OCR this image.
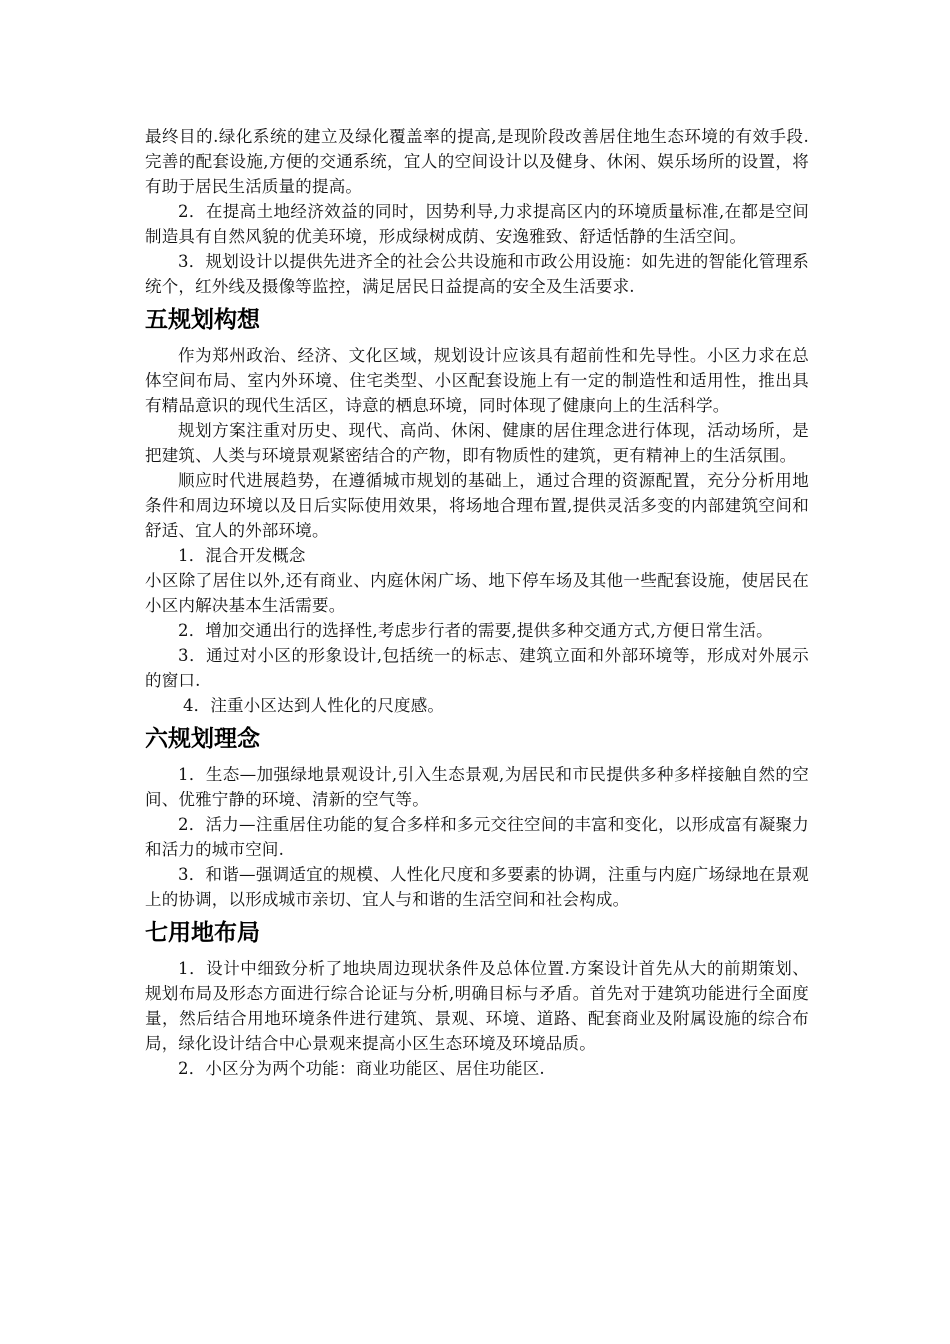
最终目的.绿化系统的建立及绿化覆盖率的提高,是现阶段改善居住地生态环境的有效手段.完善的配套设施,方便的交通系统，宜人的空间设计以及健身、休闲、娱乐场所的设置，将有助于居民生活质量的提高。

2．在提高土地经济效益的同时，因势利导,力求提高区内的环境质量标准,在都是空间制造具有自然风貌的优美环境，形成绿树成荫、安逸雅致、舒适恬静的生活空间。

3．规划设计以提供先进齐全的社会公共设施和市政公用设施：如先进的智能化管理系统个，红外线及摄像等监控，满足居民日益提高的安全及生活要求.

五规划构想

作为郑州政治、经济、文化区域，规划设计应该具有超前性和先导性。小区力求在总体空间布局、室内外环境、住宅类型、小区配套设施上有一定的制造性和适用性，推出具有精品意识的现代生活区，诗意的栖息环境，同时体现了健康向上的生活科学。

规划方案注重对历史、现代、高尚、休闲、健康的居住理念进行体现，活动场所，是把建筑、人类与环境景观紧密结合的产物，即有物质性的建筑，更有精神上的生活氛围。

顺应时代进展趋势，在遵循城市规划的基础上，通过合理的资源配置，充分分析用地条件和周边环境以及日后实际使用效果，将场地合理布置,提供灵活多变的内部建筑空间和舒适、宜人的外部环境。

1．混合开发概念

小区除了居住以外,还有商业、内庭休闲广场、地下停车场及其他一些配套设施，使居民在小区内解决基本生活需要。

2．增加交通出行的选择性,考虑步行者的需要,提供多种交通方式,方便日常生活。

3．通过对小区的形象设计,包括统一的标志、建筑立面和外部环境等，形成对外展示的窗口.

4．注重小区达到人性化的尺度感。

六规划理念

1．生态—加强绿地景观设计,引入生态景观,为居民和市民提供多种多样接触自然的空间、优雅宁静的环境、清新的空气等。

2．活力—注重居住功能的复合多样和多元交往空间的丰富和变化，以形成富有凝聚力和活力的城市空间.

3．和谐—强调适宜的规模、人性化尺度和多要素的协调，注重与内庭广场绿地在景观上的协调，以形成城市亲切、宜人与和谐的生活空间和社会构成。

七用地布局

1．设计中细致分析了地块周边现状条件及总体位置.方案设计首先从大的前期策划、规划布局及形态方面进行综合论证与分析,明确目标与矛盾。首先对于建筑功能进行全面度量，然后结合用地环境条件进行建筑、景观、环境、道路、配套商业及附属设施的综合布局，绿化设计结合中心景观来提高小区生态环境及环境品质。

2．小区分为两个功能：商业功能区、居住功能区.
